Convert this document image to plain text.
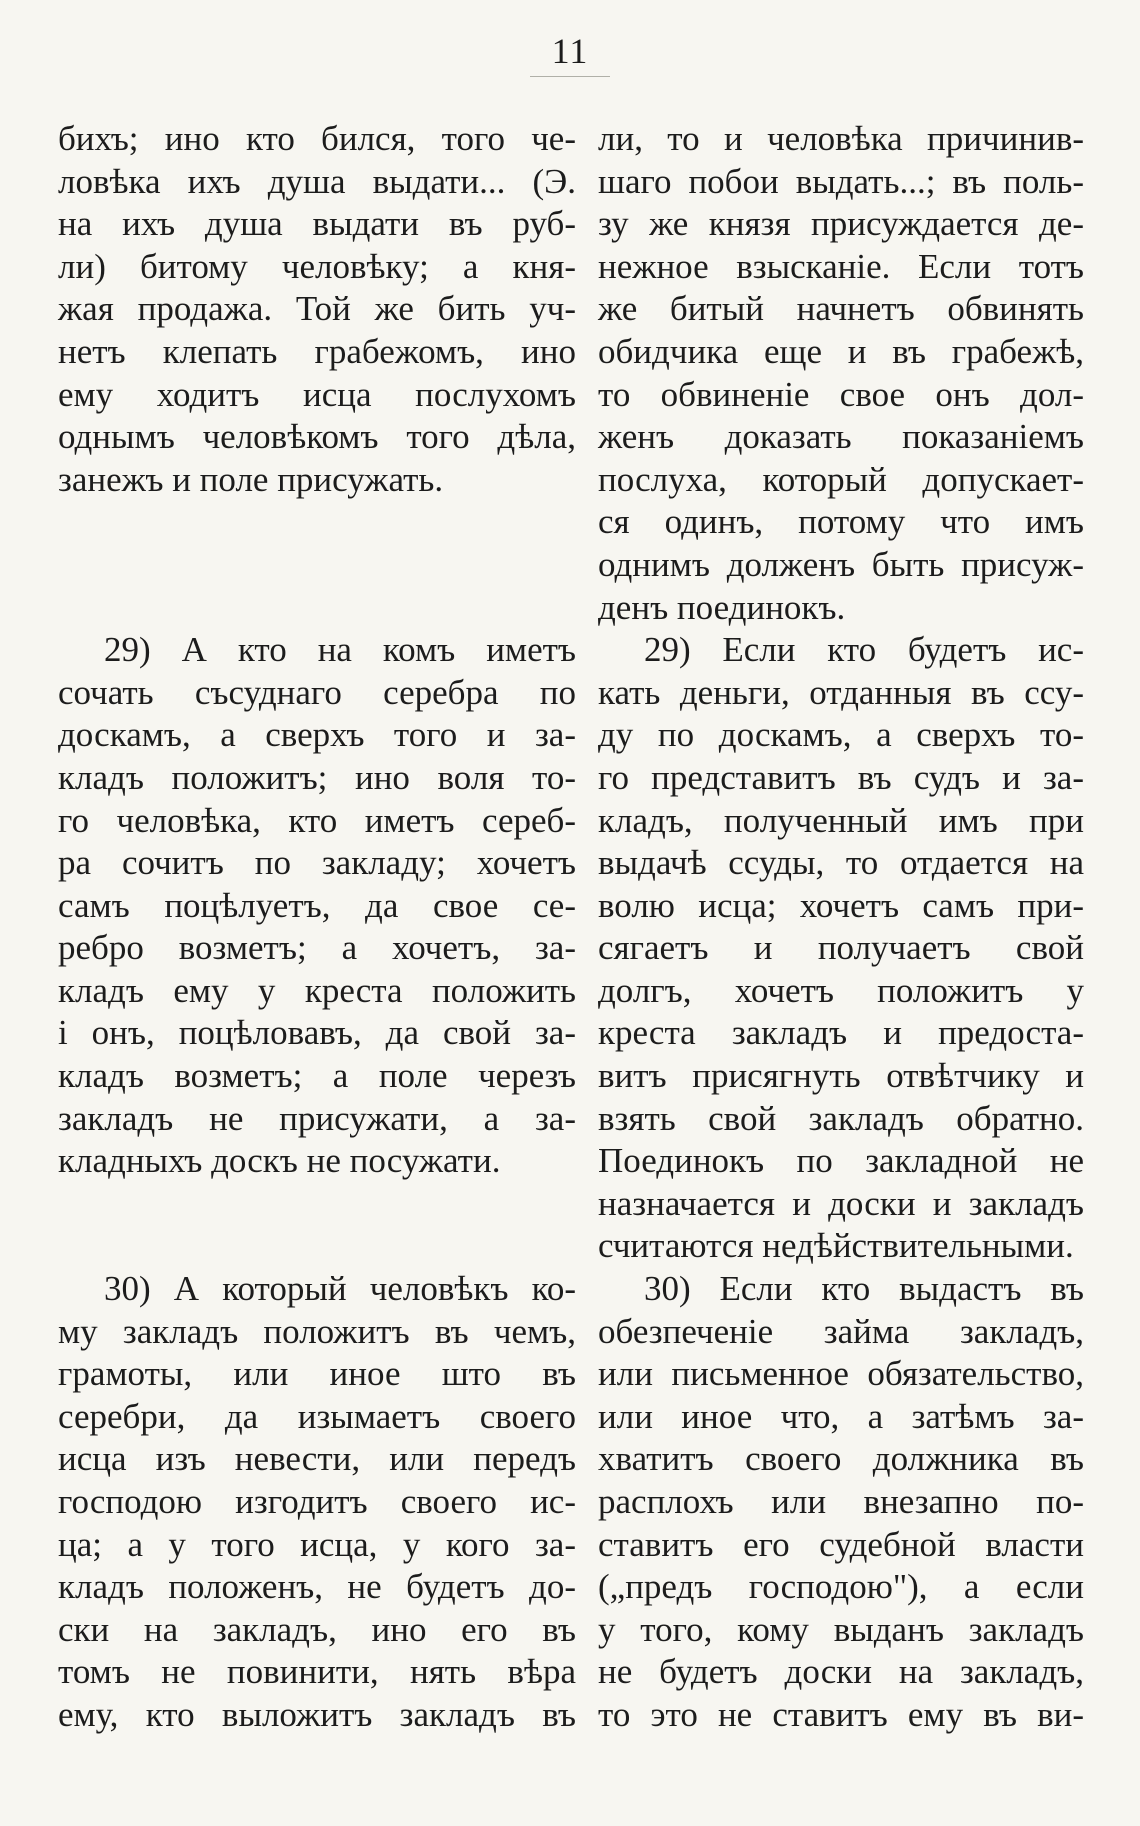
11
бихъ; ино кто бился, того че-
ловѣка ихъ душа выдати... (Э.
на ихъ душа выдати въ руб-
ли) битому человѣку; а кня-
жая продажа. Той же бить уч-
нетъ клепать грабежомъ, ино
ему ходитъ исца послухомъ
однымъ человѣкомъ того дѣла,
занежъ и поле присужать.
29) А кто на комъ иметъ
сочать съсуднаго серебра по
доскамъ, а сверхъ того и за-
кладъ положитъ; ино воля то-
го человѣка, кто иметъ сереб-
ра сочитъ по закладу; хочетъ
самъ поцѣлуетъ, да свое се-
ребро возметъ; а хочетъ, за-
кладъ ему у креста положить
і онъ, поцѣловавъ, да свой за-
кладъ возметъ; а поле черезъ
закладъ не присужати, а за-
кладныхъ доскъ не посужати.
30) А который человѣкъ ко-
му закладъ положитъ въ чемъ,
грамоты, или иное што въ
серебри, да изымаетъ своего
исца изъ невести, или передъ
господою изгодитъ своего ис-
ца; а у того исца, у кого за-
кладъ положенъ, не будетъ до-
ски на закладъ, ино его въ
томъ не повинити, нять вѣра
ему, кто выложитъ закладъ въ
ли, то и человѣка причинив-
шаго побои выдать...; въ поль-
зу же князя присуждается де-
нежное взысканіе. Если тотъ
же битый начнетъ обвинять
обидчика еще и въ грабежѣ,
то обвиненіе свое онъ дол-
женъ доказать показаніемъ
послуха, который допускает-
ся одинъ, потому что имъ
однимъ долженъ быть присуж-
денъ поединокъ.
29) Если кто будетъ ис-
кать деньги, отданныя въ ссу-
ду по доскамъ, а сверхъ то-
го представитъ въ судъ и за-
кладъ, полученный имъ при
выдачѣ ссуды, то отдается на
волю исца; хочетъ самъ при-
сягаетъ и получаетъ свой
долгъ, хочетъ положитъ у
креста закладъ и предоста-
витъ присягнуть отвѣтчику и
взять свой закладъ обратно.
Поединокъ по закладной не
назначается и доски и закладъ
считаются недѣйствительными.
30) Если кто выдастъ въ
обезпеченіе займа закладъ,
или письменное обязательство,
или иное что, а затѣмъ за-
хватитъ своего должника въ
расплохъ или внезапно по-
ставитъ его судебной власти
(„предъ господою"), а если
у того, кому выданъ закладъ
не будетъ доски на закладъ,
то это не ставитъ ему въ ви-
